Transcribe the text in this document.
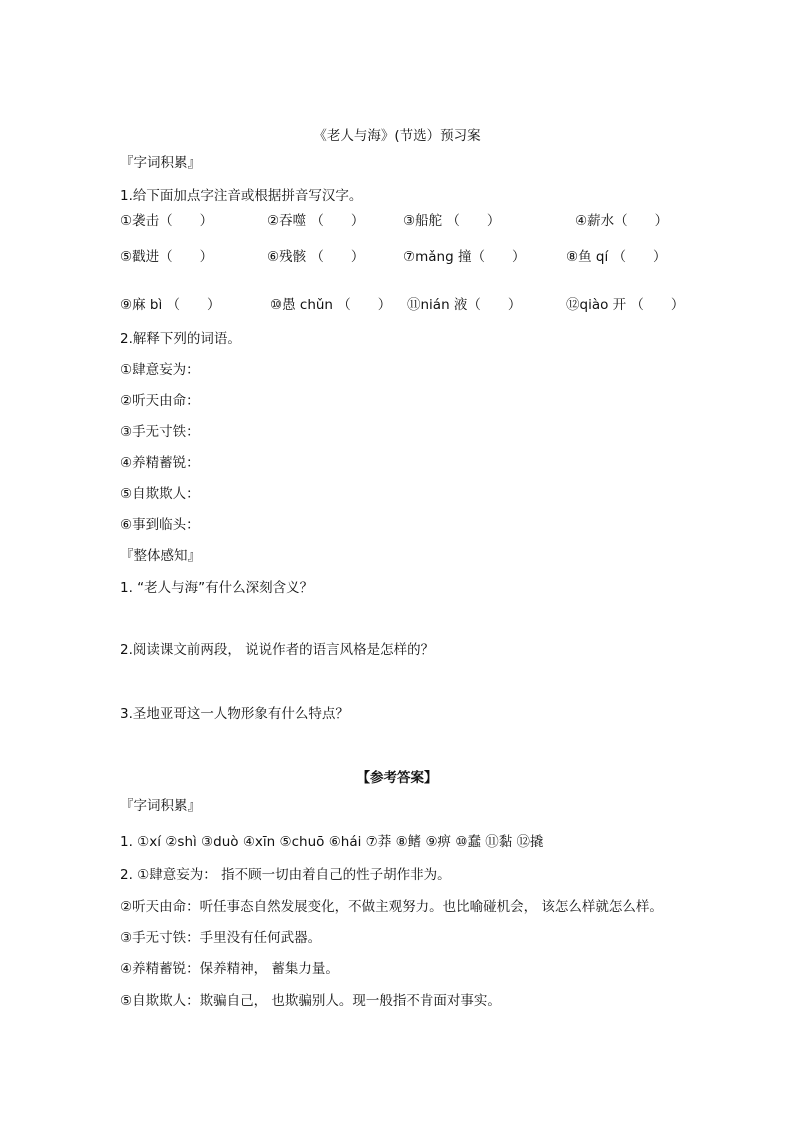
《老人与海》(节选）预习案
『字词积累』
1.给下面加点字注音或根据拼音写汉字。
①袭击（　　）	②吞噬 （　　）	③船舵 （　　）	④薪水（　　）
⑤戳进（　　）	⑥残骸 （　　）	⑦mǎng 撞（　　）	⑧鱼 qí （　　）
⑨麻 bì （　　）	⑩愚 chǔn （　　） ⑪nián 液（　　）	⑫qiào 开 （　　）
2.解释下列的词语。
①肆意妄为：
②听天由命：
③手无寸铁：
④养精蓄锐：
⑤自欺欺人：
⑥事到临头：
『整体感知』
1. “老人与海”有什么深刻含义？
2.阅读课文前两段， 说说作者的语言风格是怎样的？
3.圣地亚哥这一人物形象有什么特点？
【参考答案】
『字词积累』
1. ①xí ②shì ③duò ④xīn ⑤chuō ⑥hái ⑦莽 ⑧鳍 ⑨痹 ⑩蠢 ⑪黏 ⑫撬
2. ①肆意妄为： 指不顾一切由着自己的性子胡作非为。
②听天由命：听任事态自然发展变化，不做主观努力。也比喻碰机会， 该怎么样就怎么样。
③手无寸铁：手里没有任何武器。
④养精蓄锐：保养精神， 蓄集力量。
⑤自欺欺人：欺骗自己， 也欺骗别人。现一般指不肯面对事实。
